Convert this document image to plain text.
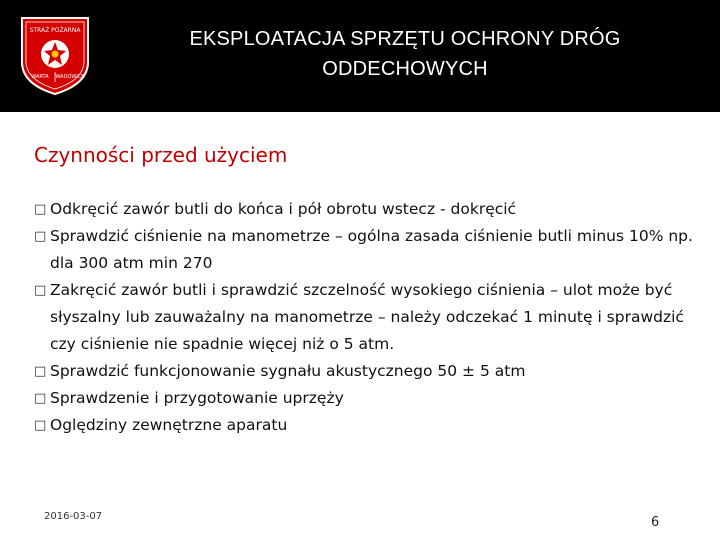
STRAŻ POŻARNA
WARTA WADOWICE
EKSPLOATACJA SPRZĘTU OCHRONY DRÓG
ODDECHOWYCH
Czynności przed użyciem
□ Odkręcić zawór butli do końca i pół obrotu wstecz - dokręcić
□ Sprawdzić ciśnienie na manometrze – ogólna zasada ciśnienie butli minus 10% np. dla 300 atm min 270
□ Zakręcić zawór butli i sprawdzić szczelność wysokiego ciśnienia – ulot może być słyszalny lub zauważalny na manometrze – należy odczekać 1 minutę i sprawdzić czy ciśnienie nie spadnie więcej niż o 5 atm.
□ Sprawdzić funkcjonowanie sygnału akustycznego 50 ± 5 atm
□ Sprawdzenie i przygotowanie uprzęży
□ Oględziny zewnętrzne aparatu
2016-03-07	6
